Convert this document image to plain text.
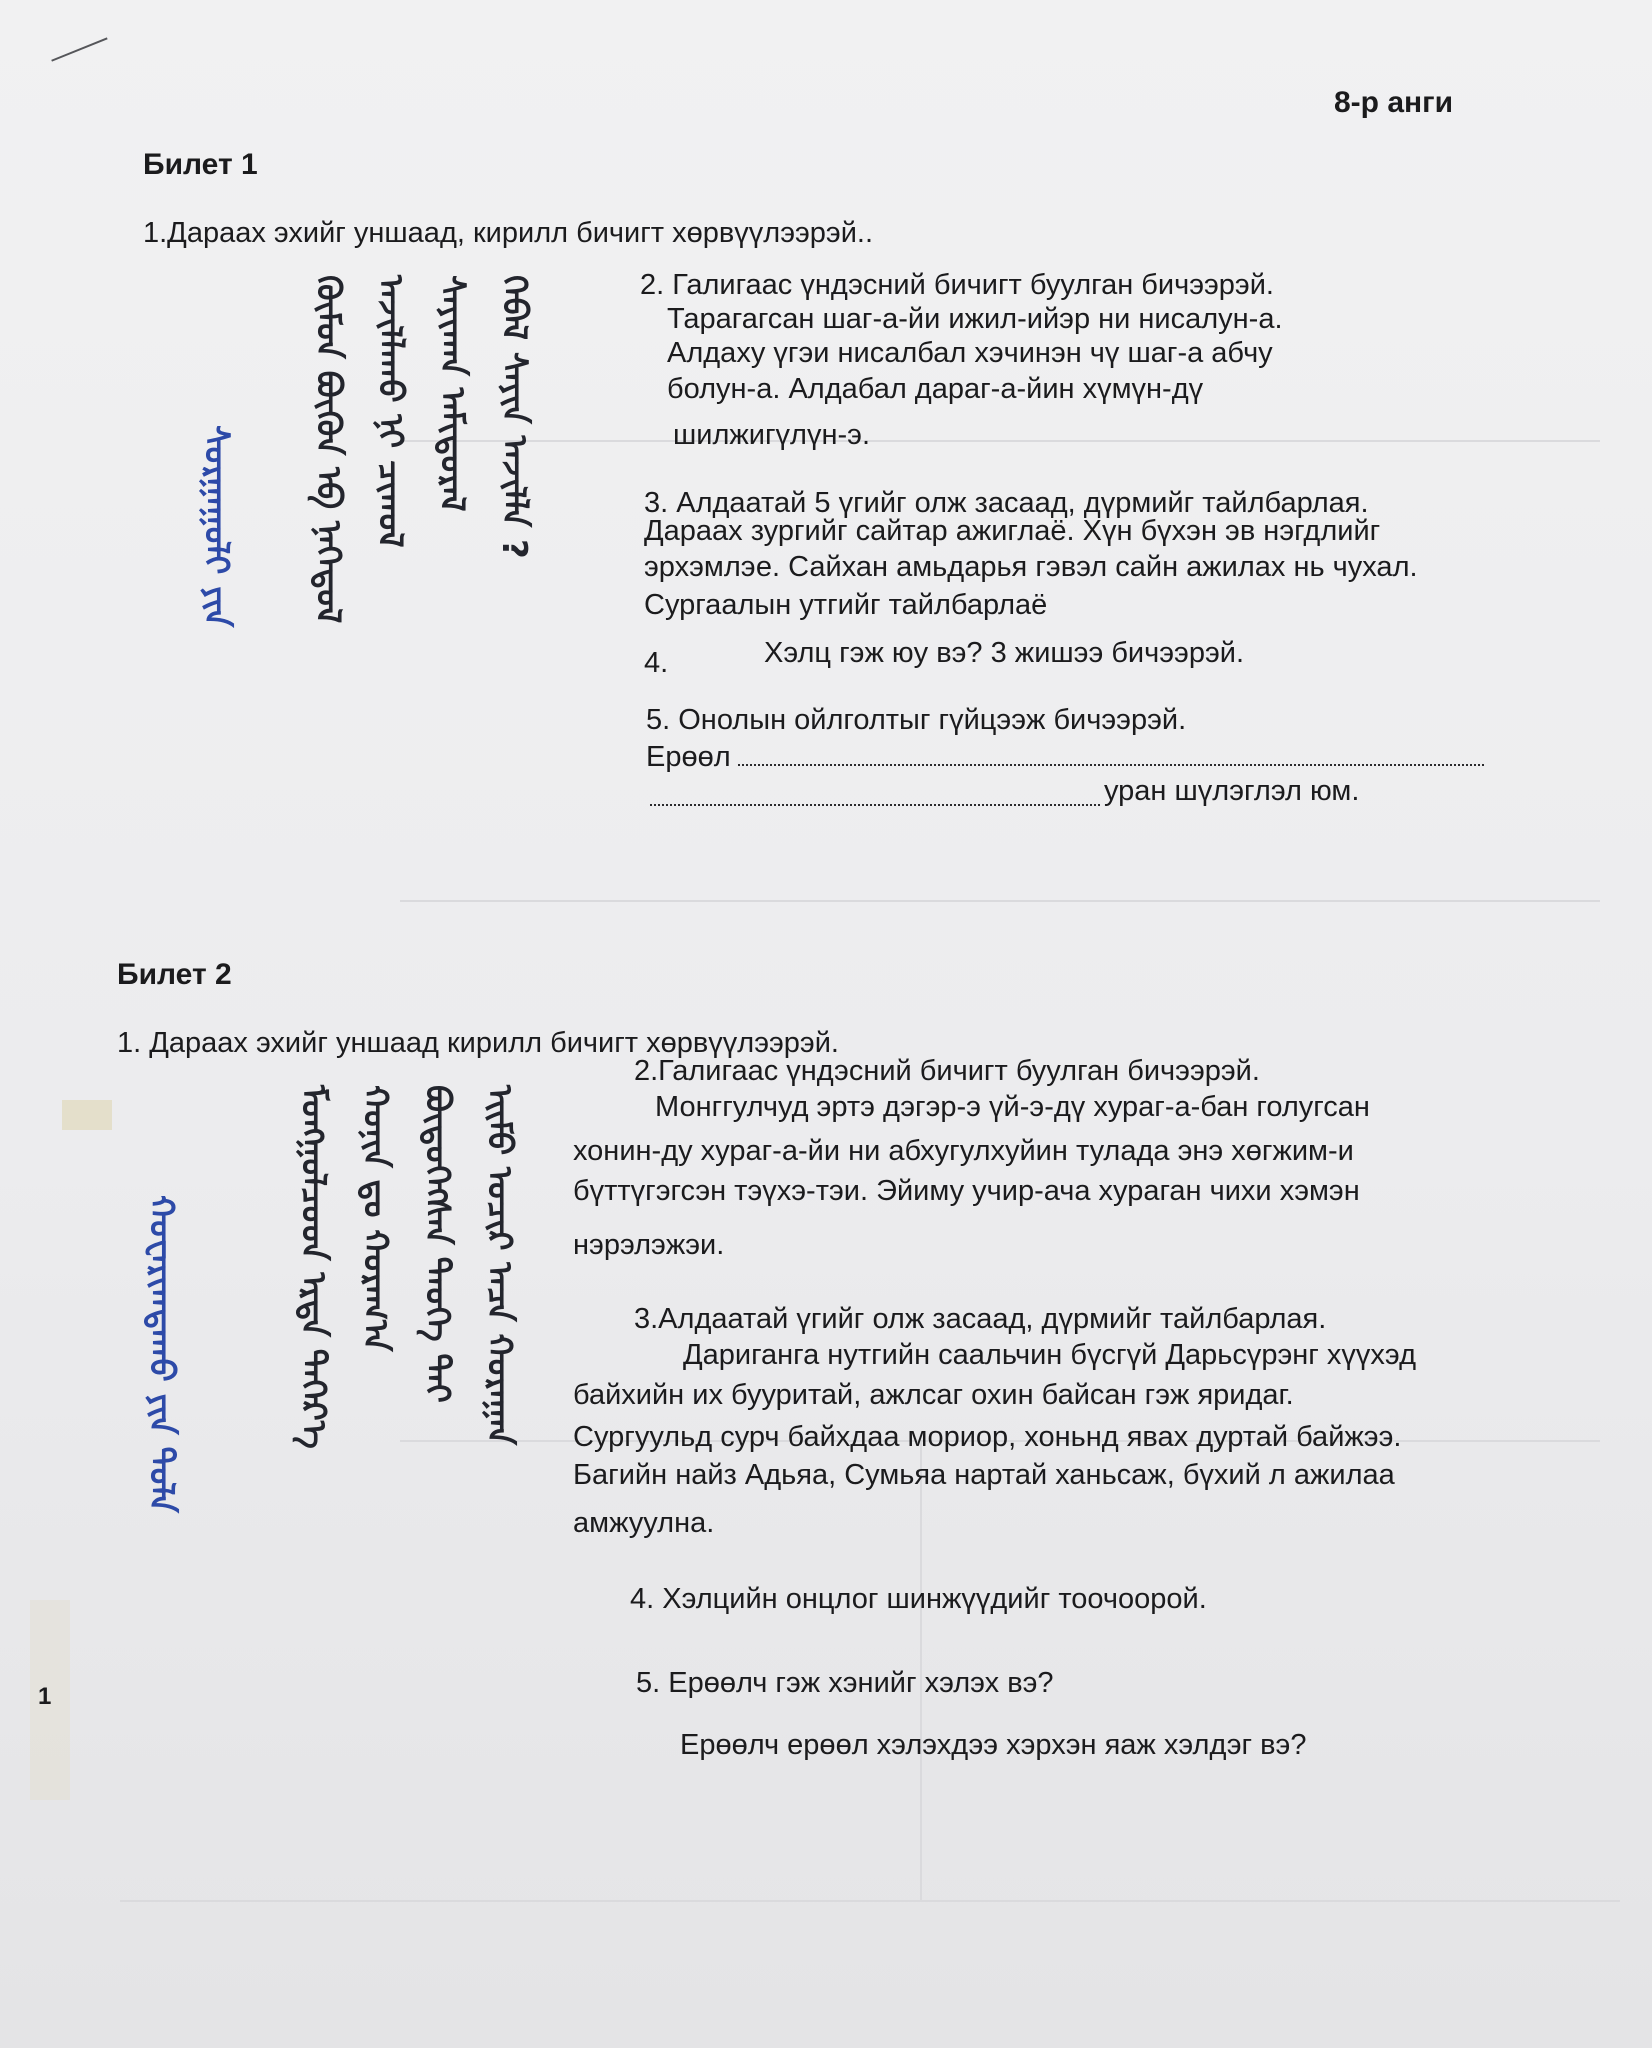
8-р анги
Билет 1
1.Дараах эхийг уншаад, кирилл бичигт хөрвүүлээрэй..
ᠰᠤᠷᠭᠠᠭᠤᠯᠢ ᠶᠢᠨ	ᠬᠦᠮᠦᠨ ᠪᠦᠬᠦᠨ ᠡᠪ ᠨᠡᠭᠡᠳᠦᠯ ᠠᠵᠢᠯᠯᠠᠬᠤ ᠨᠢ ᠴᠢᠬᠤᠯ ᠰᠠᠶᠢᠬᠠᠨ ᠠᠮᠢᠳᠤᠷᠠᠯ ᠭᠡᠪᠡᠯ ᠰᠠᠶᠢᠨ ᠠᠵᠢᠯᠯᠠ ?	2. Галигаас үндэсний бичигт буулган бичээрэй.
Тарагагсан шаг-а-йи ижил-ийэр ни нисалун-а.
Алдаху үгэи нисалбал хэчинэн чү шаг-а абчу
болун-а. Алдабал дараг-а-йин хүмүн-дү
шилжигүлүн-э.
3. Алдаатай 5 үгийг олж засаад, дүрмийг тайлбарлая.
Дараах зургийг сайтар ажиглаё. Хүн бүхэн эв нэгдлийг
эрхэмлэе. Сайхан амьдарья гэвэл сайн ажилах нь чухал.
Сургаалын утгийг тайлбарлаё
4.	Хэлц гэж юу вэ? 3 жишээ бичээрэй.
5. Онолын ойлголтыг гүйцээж бичээрэй.
Ерөөл
уран шүлэглэл юм.
Билет 2
1. Дараах эхийг уншаад кирилл бичигт хөрвүүлээрэй.
ᠬᠤᠸᠠᠷᠢᠭᠳᠠᠬᠤ ᠶᠢᠨ ᠲᠤᠯᠠ	ᠮᠣᠩᠭᠣᠯᠴᠤᠳ ᠡᠷᠲᠡ ᠳᠡᠭᠡᠷ᠎ᠡ ᠬᠣᠨᠢᠨ ᠳᠤ ᠬᠤᠷᠠᠭ᠎ᠠ ᠪᠦᠲᠦᠭᠡᠭᠰᠡᠨ ᠲᠡᠦᠬᠡ ᠲᠡᠢ ᠡᠢᠮᠦ ᠤᠴᠢᠷ ᠠᠴᠠ ᠬᠤᠷᠠᠭᠠᠨ
1
2.Галигаас үндэсний бичигт буулган бичээрэй.
Монггулчуд эртэ дэгэр-э үй-э-дү хураг-а-бан голугсан
хонин-ду хураг-а-йи ни абхугулхуйин тулада энэ хөгжим-и
бүттүгэгсэн тэүхэ-тэи. Эйиму учир-ача хураган чихи хэмэн
нэрэлэжэи.
3.Алдаатай үгийг олж засаад, дүрмийг тайлбарлая.
Дариганга нутгийн саальчин бүсгүй Дарьсүрэнг хүүхэд
байхийн их бууритай, ажлсаг охин байсан гэж яридаг.
Сургуульд сурч байхдаа мориор, хоньнд явах дуртай байжээ.
Багийн найз Адьяа, Сумьяа нартай ханьсаж, бүхий л ажилаа
амжуулна.
4. Хэлцийн онцлог шинжүүдийг тоочоорой.
5. Ерөөлч гэж хэнийг хэлэх вэ?
Ерөөлч ерөөл хэлэхдээ хэрхэн яаж хэлдэг вэ?
